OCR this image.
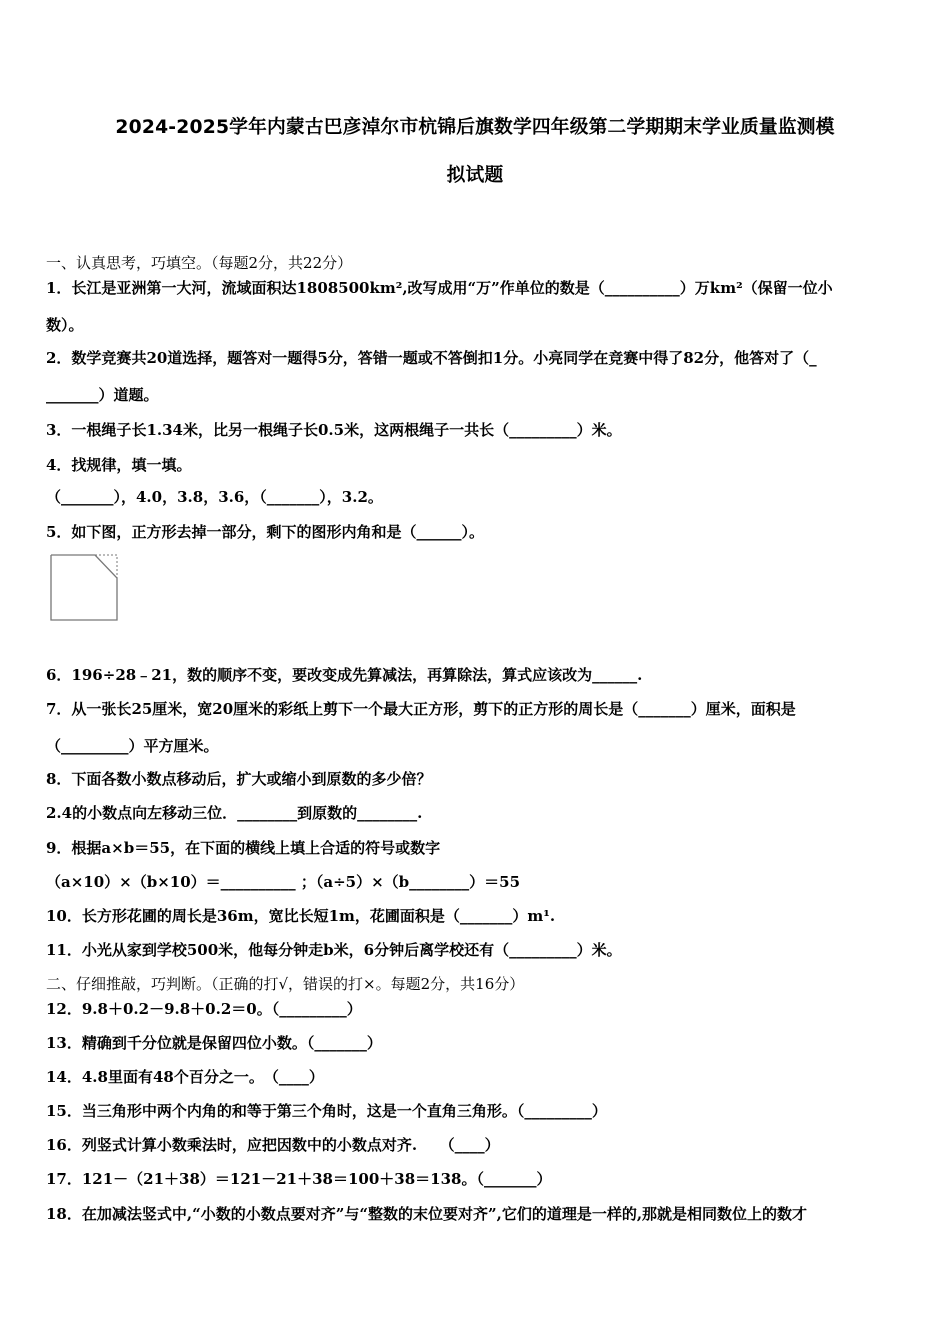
2024-2025学年内蒙古巴彦淖尔市杭锦后旗数学四年级第二学期期末学业质量监测模
拟试题
一、认真思考，巧填空。（每题2分，共22分）
1．长江是亚洲第一大河，流域面积达1808500km²,改写成用“万”作单位的数是（__________）万km²（保留一位小
数）。
2．数学竞赛共20道选择，题答对一题得5分，答错一题或不答倒扣1分。小亮同学在竞赛中得了82分，他答对了（_
_______）道题。
3．一根绳子长1.34米，比另一根绳子长0.5米，这两根绳子一共长（_________）米。
4．找规律，填一填。
（_______），4.0，3.8，3.6，（_______），3.2。
5．如下图，正方形去掉一部分，剩下的图形内角和是（______）。
6．196÷28﹣21，数的顺序不变，要改变成先算减法，再算除法，算式应该改为______.
7．从一张长25厘米，宽20厘米的彩纸上剪下一个最大正方形，剪下的正方形的周长是（_______）厘米，面积是
（_________）平方厘米。
8．下面各数小数点移动后，扩大或缩小到原数的多少倍？
2.4的小数点向左移动三位．________到原数的________.
9．根据a×b＝55，在下面的横线上填上合适的符号或数字
（a×10）×（b×10）＝__________ ；（a÷5）×（b________）＝55
10．长方形花圃的周长是36m，宽比长短1m，花圃面积是（_______）m¹.
11．小光从家到学校500米，他每分钟走b米，6分钟后离学校还有（_________）米。
二、仔细推敲，巧判断。（正确的打√，错误的打×。每题2分，共16分）
12．9.8＋0.2－9.8＋0.2＝0。（_________）
13．精确到千分位就是保留四位小数。（_______）
14．4.8里面有48个百分之一。　（____）
15．当三角形中两个内角的和等于第三个角时，这是一个直角三角形。（_________）
16．列竖式计算小数乘法时，应把因数中的小数点对齐.　　（____）
17．121－（21＋38）＝121－21＋38＝100＋38＝138。（_______）
18．在加减法竖式中,“小数的小数点要对齐”与“整数的末位要对齐”,它们的道理是一样的,那就是相同数位上的数才
